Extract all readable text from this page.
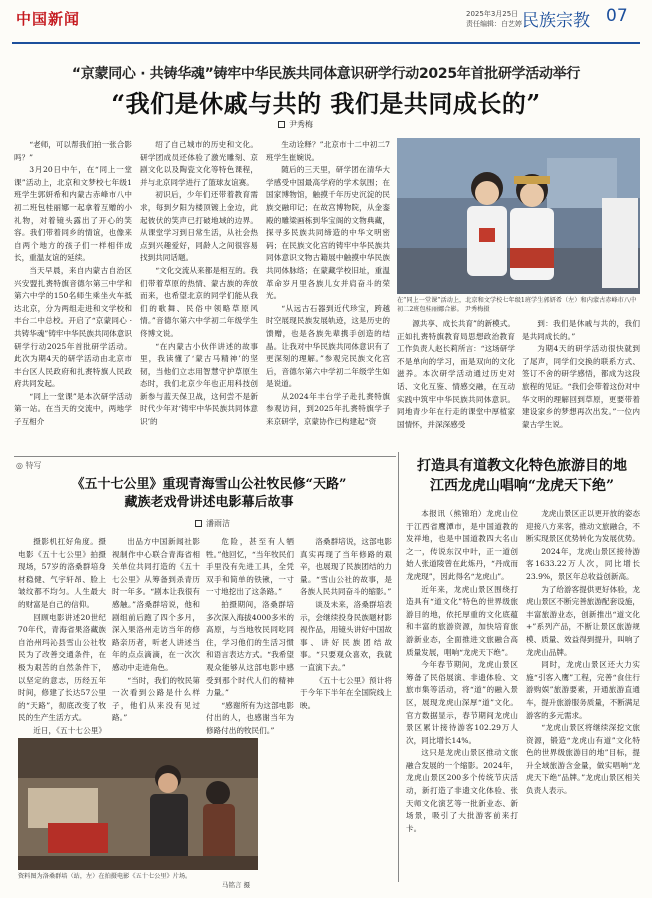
中国新闻	2025年3月25日
责任编辑：白艺婷 民族宗教 07
“京蒙同心 · 共铸华魂”铸牢中华民族共同体意识研学行动2025年首批研学活动举行
“我们是休戚与共的 我们是共同成长的”
尹秀梅

“老师，可以帮我们拍一张合影吗？”

3月20日中午，在“同上一堂课”活动上，北京和文梦校七年级1班学生郭妍希和内蒙古赤峰市八中初二班包桂丽娜一起拿着互赠的小礼物，对着镜头露出了开心的笑容。我们带着同乡的情谊，也像来自两个地方的孩子们一样相伴成长，重温友谊的延续。

当天早晨，来自内蒙古自治区兴安盟扎赉特旗音德尔第三中学和第六中学的150名师生乘坐火车抵达北京，分为两组走进和文学校和丰台二中总校。开启了“京蒙同心 · 共铸华魂”铸牢中华民族共同体意识研学行动2025年首批研学活动。此次为期4天的研学活动由北京市丰台区人民政府和扎赉特旗人民政府共同发起。

“同上一堂课”是本次研学活动第一站。在当天的交流中，两地学子互相介

绍了自己城市的历史和文化。研学团成员还体验了激光雕刻、京剧文化以及陶瓷文化等特色课程，并与北京同学进行了篮球友谊赛。

初识后，少年们还带着教育需求，每到夕阳为楼顶镀上金边，此起彼伏的笑声已打破地域的边界。从课堂学习到日常生活，从社会热点到兴趣爱好，同龄人之间很容易找到共同话题。

“文化交流从来都是相互的。我们带着草原的热情、蒙古族的奔放而来，也希望北京的同学们能从我们的歌舞、民俗中领略草原风情。”音德尔第六中学初二年级学生佟博文说。

“在内蒙古小伙伴讲述的故事里，我读懂了‘蒙古马精神’的坚韧，当他们立志用智慧守护草原生态时，我们北京少年也正用科技创新参与蓝天保卫战，这何尝不是新时代少年对‘铸牢中华民族共同体意识’的

生动诠释？”北京市十二中初二7班学生崔婉说。

随后的三天里，研学团在清华大学感受中国最高学府的学术氛围；在国家博物馆，触摸千年历史沉淀的民族交融印记；在故宫博物院，从金銮殿的雕梁画栋到华宝阁的文物典藏，探寻多民族共同缔造的中华文明密码；在民族文化宫的铸牢中华民族共同体意识文物古籍展中触摸中华民族共同体脉络；在蒙藏学校旧址，重温革命岁月里各族儿女并肩奋斗的荣光。

“从远古石器到近代珍宝，跨越时空展现民族发展轨迹，这是历史的馈赠，也是各族先辈携手创造的结晶。让我对中华民族共同体意识有了更深刻的理解。”参观完民族文化宫后，音德尔第六中学初二年级学生如是说道。

从2024年丰台学子赴扎赉特旗参观访问，到2025年扎赉特旗学子来京研学，京蒙协作已构建起“资

在“同上一堂课”活动上，北京和文学校七年级1班学生郭妍希（左）和内蒙古赤峰市八中初二2班包桂丽娜合影。 尹秀梅摄

源共享、成长共育”的新模式。正如扎赉特旗教育局思想政治教育工作负责人赵长莉所言：“这场研学不是单向的学习，而是双向的文化滋养。本次研学活动通过历史对话、文化互鉴、情感交融，在互动实践中筑牢中华民族共同体意识。同地青少年在行走的课堂中厚植家国情怀，并深深感受

到：我们是休戚与共的，我们是共同成长的。”

为期4天的研学活动很快就到了尾声，同学们交换的联系方式、签订不舍的研学感悟，都成为这段旅程的见证。“我们会带着这份对中华文明的理解回到草原，更要带着建设家乡的梦想再次出发。”一位内蒙古学生说。

◎ 特写
《五十七公里》重现青海雪山公社牧民修“天路”
藏族老戏骨讲述电影幕后故事
潘雨洁

摄影机扛好角度。摄电影《五十七公里》拍摄现场，57岁的洛桑群培身材稳健、气宇轩昂、脸上皱纹都不均匀。人生最大的财富是自己的信仰。

回顾电影讲述20世纪70年代，青海省果洛藏族自治州玛沁县雪山公社牧民为了改善交通条件，在极为艰苦的自然条件下，以坚定的意志，历经五年时间，修建了长达57公里的“天路”，彻底改变了牧民的生产生活方式。

近日，《五十七公里》

出品方中国新闻社影视制作中心联合青海省相关单位共同打造的《五十七公里》从筹备到杀青历时一年多。“剧本让我很有感触。”洛桑群培说，他和剧组前后跑了四个多月，深入果洛州走访当年的修路亲历者，听老人讲述当年的点点滴滴，在一次次感动中走进角色。

“当时，我们的牧民第一次看到公路是什么样子，他们从来没有见过路。”

危险，甚至有人牺牲。”他回忆，“当年牧民们手里没有先进工具，全凭双手和简单的铁锹，一寸一寸地挖出了这条路。”

拍摄期间，洛桑群培多次深入海拔4000多米的高原，与当地牧民同吃同住，学习他们的生活习惯和语言表达方式。“我希望观众能够从这部电影中感受到那个时代人们的精神力量。”

“感谢所有为这部电影付出的人，也感谢当年为修路付出的牧民们。”

洛桑群培说，这部电影真实再现了当年修路的艰辛，也展现了民族团结的力量。“雪山公社的故事，是各族人民共同奋斗的缩影。”

谈及未来，洛桑群培表示，会继续投身民族题材影视作品，用镜头讲好中国故事、讲好民族团结故事。“只要观众喜欢，我就一直演下去。”

《五十七公里》预计将于今年下半年在全国院线上映。

资料图为洛桑群培（站，左）在拍摄电影《五十七公里》片场。
马铭言 摄
打造具有道教文化特色旅游目的地
江西龙虎山唱响“龙虎天下绝”

本报讯（熊锦珀）龙虎山位于江西省鹰潭市，是中国道教的发祥地，也是中国道教四大名山之一，传说东汉中叶，正一道创始人张道陵曾在此炼丹，“丹成而龙虎现”，因此得名“龙虎山”。

近年来，龙虎山景区围绕打造具有“道文化”特色的世界级旅游目的地，依托厚重的文化底蕴和丰富的旅游资源，加快培育旅游新业态，全面推进文旅融合高质量发展，唱响“龙虎天下绝”。

今年春节期间，龙虎山景区筹备了民俗展演、非遗体验、文旅市集等活动，将“道”的融入景区，展现龙虎山深厚“道”文化。官方数据显示，春节期间龙虎山景区累计接待游客102.29万人次，同比增长14%。

这只是龙虎山景区推动文旅融合发展的一个缩影。2024年，龙虎山景区200多个传统节庆活动，新打造了非遗文化体验、张天师文化演艺等一批新业态、新场景，吸引了大批游客前来打卡。

龙虎山景区正以更开放的姿态迎接八方来客，推动文旅融合，不断实现景区优势转化为发展优势。

2024年，龙虎山景区接待游客1633.22万人次，同比增长23.9%，景区年总收益创新高。

为了给游客提供更好体验，龙虎山景区不断完善旅游配套设施，丰富旅游业态，创新推出“道文化+”系列产品，不断让景区旅游规模、质量、效益得到提升，叫响了龙虎山品牌。

同时，龙虎山景区还大力实施“引客入鹰”工程，完善“食住行游购娱”旅游要素，开通旅游直通车，提升旅游服务质量，不断满足游客的多元需求。

“龙虎山景区将继续深挖文旅资源，锻造“龙虎山有道”文化特色的世界级旅游目的地”目标，提升全域旅游含金量，做实唱响“龙虎天下绝”品牌。”龙虎山景区相关负责人表示。
